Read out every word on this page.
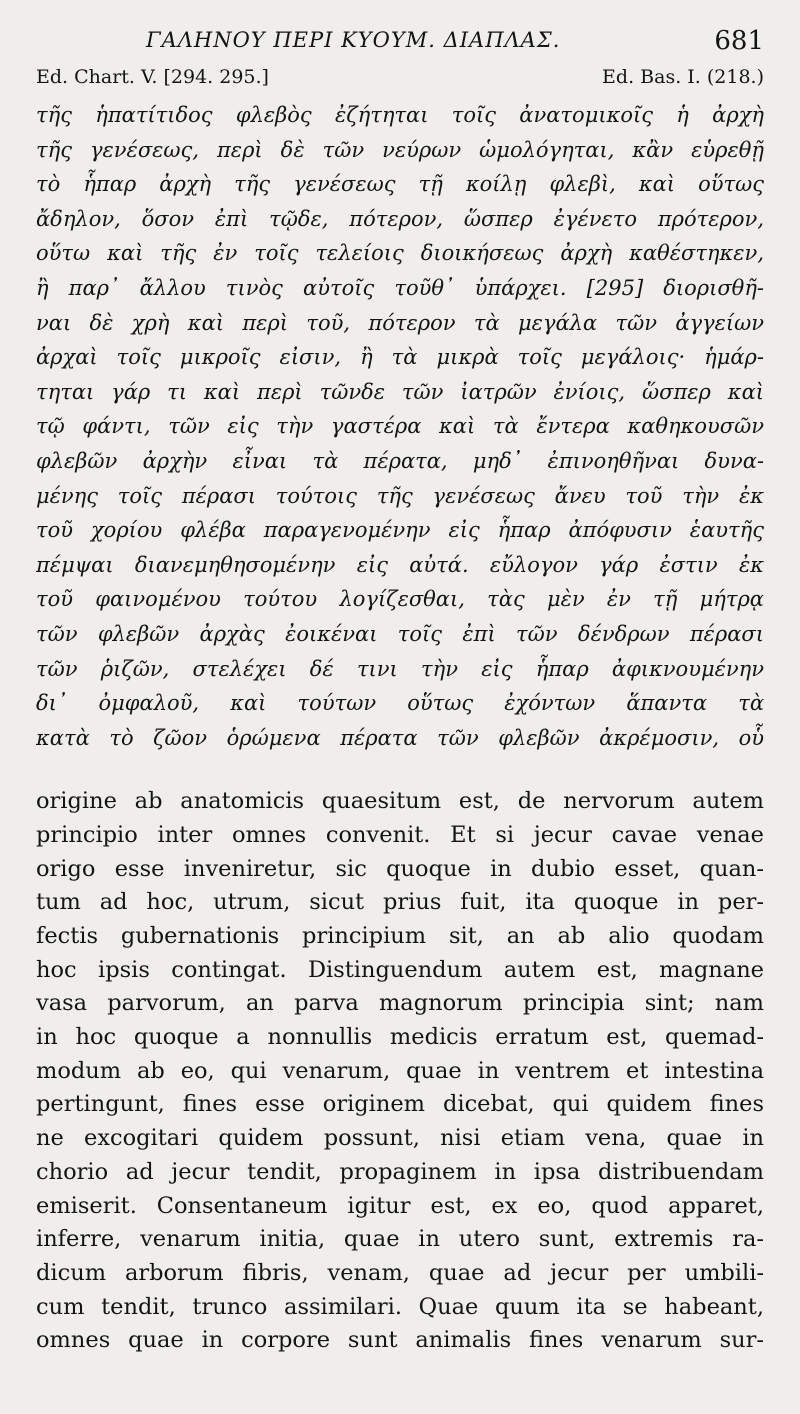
ΓΑΛΗΝΟΥ ΠΕΡΙ ΚΥΟΥΜ. ΔΙΑΠΛΑΣ.	681
Ed. Chart. V. [294. 295.]	Ed. Bas. I. (218.)
τῆς ἡπατίτιδος φλεβὸς ἐζήτηται τοῖς ἀνατομικοῖς ἡ ἀρχὴ
τῆς γενέσεως, περὶ δὲ τῶν νεύρων ὡμολόγηται, κἂν εὑρεθῇ
τὸ ἧπαρ ἀρχὴ τῆς γενέσεως τῇ κοίλῃ φλεβὶ, καὶ οὕτως
ἄδηλον, ὅσον ἐπὶ τῷδε, πότερον, ὥσπερ ἐγένετο πρότερον,
οὕτω καὶ τῆς ἐν τοῖς τελείοις διοικήσεως ἀρχὴ καθέστηκεν,
ἢ παρ᾽ ἄλλου τινὸς αὐτοῖς τοῦθ᾽ ὑπάρχει. [295] διορισθῆ-
ναι δὲ χρὴ καὶ περὶ τοῦ, πότερον τὰ μεγάλα τῶν ἀγγείων
ἀρχαὶ τοῖς μικροῖς εἰσιν, ἢ τὰ μικρὰ τοῖς μεγάλοις· ἡμάρ-
τηται γάρ τι καὶ περὶ τῶνδε τῶν ἰατρῶν ἐνίοις, ὥσπερ καὶ
τῷ φάντι, τῶν εἰς τὴν γαστέρα καὶ τὰ ἔντερα καθηκουσῶν
φλεβῶν ἀρχὴν εἶναι τὰ πέρατα, μηδ᾽ ἐπινοηθῆναι δυνα-
μένης τοῖς πέρασι τούτοις τῆς γενέσεως ἄνευ τοῦ τὴν ἐκ
τοῦ χορίου φλέβα παραγενομένην εἰς ἧπαρ ἀπόφυσιν ἑαυτῆς
πέμψαι διανεμηθησομένην εἰς αὐτά. εὔλογον γάρ ἐστιν ἐκ
τοῦ φαινομένου τούτου λογίζεσθαι, τὰς μὲν ἐν τῇ μήτρᾳ
τῶν φλεβῶν ἀρχὰς ἐοικέναι τοῖς ἐπὶ τῶν δένδρων πέρασι
τῶν ῥιζῶν, στελέχει δέ τινι τὴν εἰς ἧπαρ ἀφικνουμένην
δι᾽ ὀμφαλοῦ, καὶ τούτων οὕτως ἐχόντων ἅπαντα τὰ
κατὰ τὸ ζῶον ὁρώμενα πέρατα τῶν φλεβῶν ἀκρέμοσιν, οὗ
origine ab anatomicis quaesitum est, de nervorum autem
principio inter omnes convenit. Et si jecur cavae venae
origo esse inveniretur, sic quoque in dubio esset, quan-
tum ad hoc, utrum, sicut prius fuit, ita quoque in per-
fectis gubernationis principium sit, an ab alio quodam
hoc ipsis contingat. Distinguendum autem est, magnane
vasa parvorum, an parva magnorum principia sint; nam
in hoc quoque a nonnullis medicis erratum est, quemad-
modum ab eo, qui venarum, quae in ventrem et intestina
pertingunt, fines esse originem dicebat, qui quidem fines
ne excogitari quidem possunt, nisi etiam vena, quae in
chorio ad jecur tendit, propaginem in ipsa distribuendam
emiserit. Consentaneum igitur est, ex eo, quod apparet,
inferre, venarum initia, quae in utero sunt, extremis ra-
dicum arborum fibris, venam, quae ad jecur per umbili-
cum tendit, trunco assimilari. Quae quum ita se habeant,
omnes quae in corpore sunt animalis fines venarum sur-
